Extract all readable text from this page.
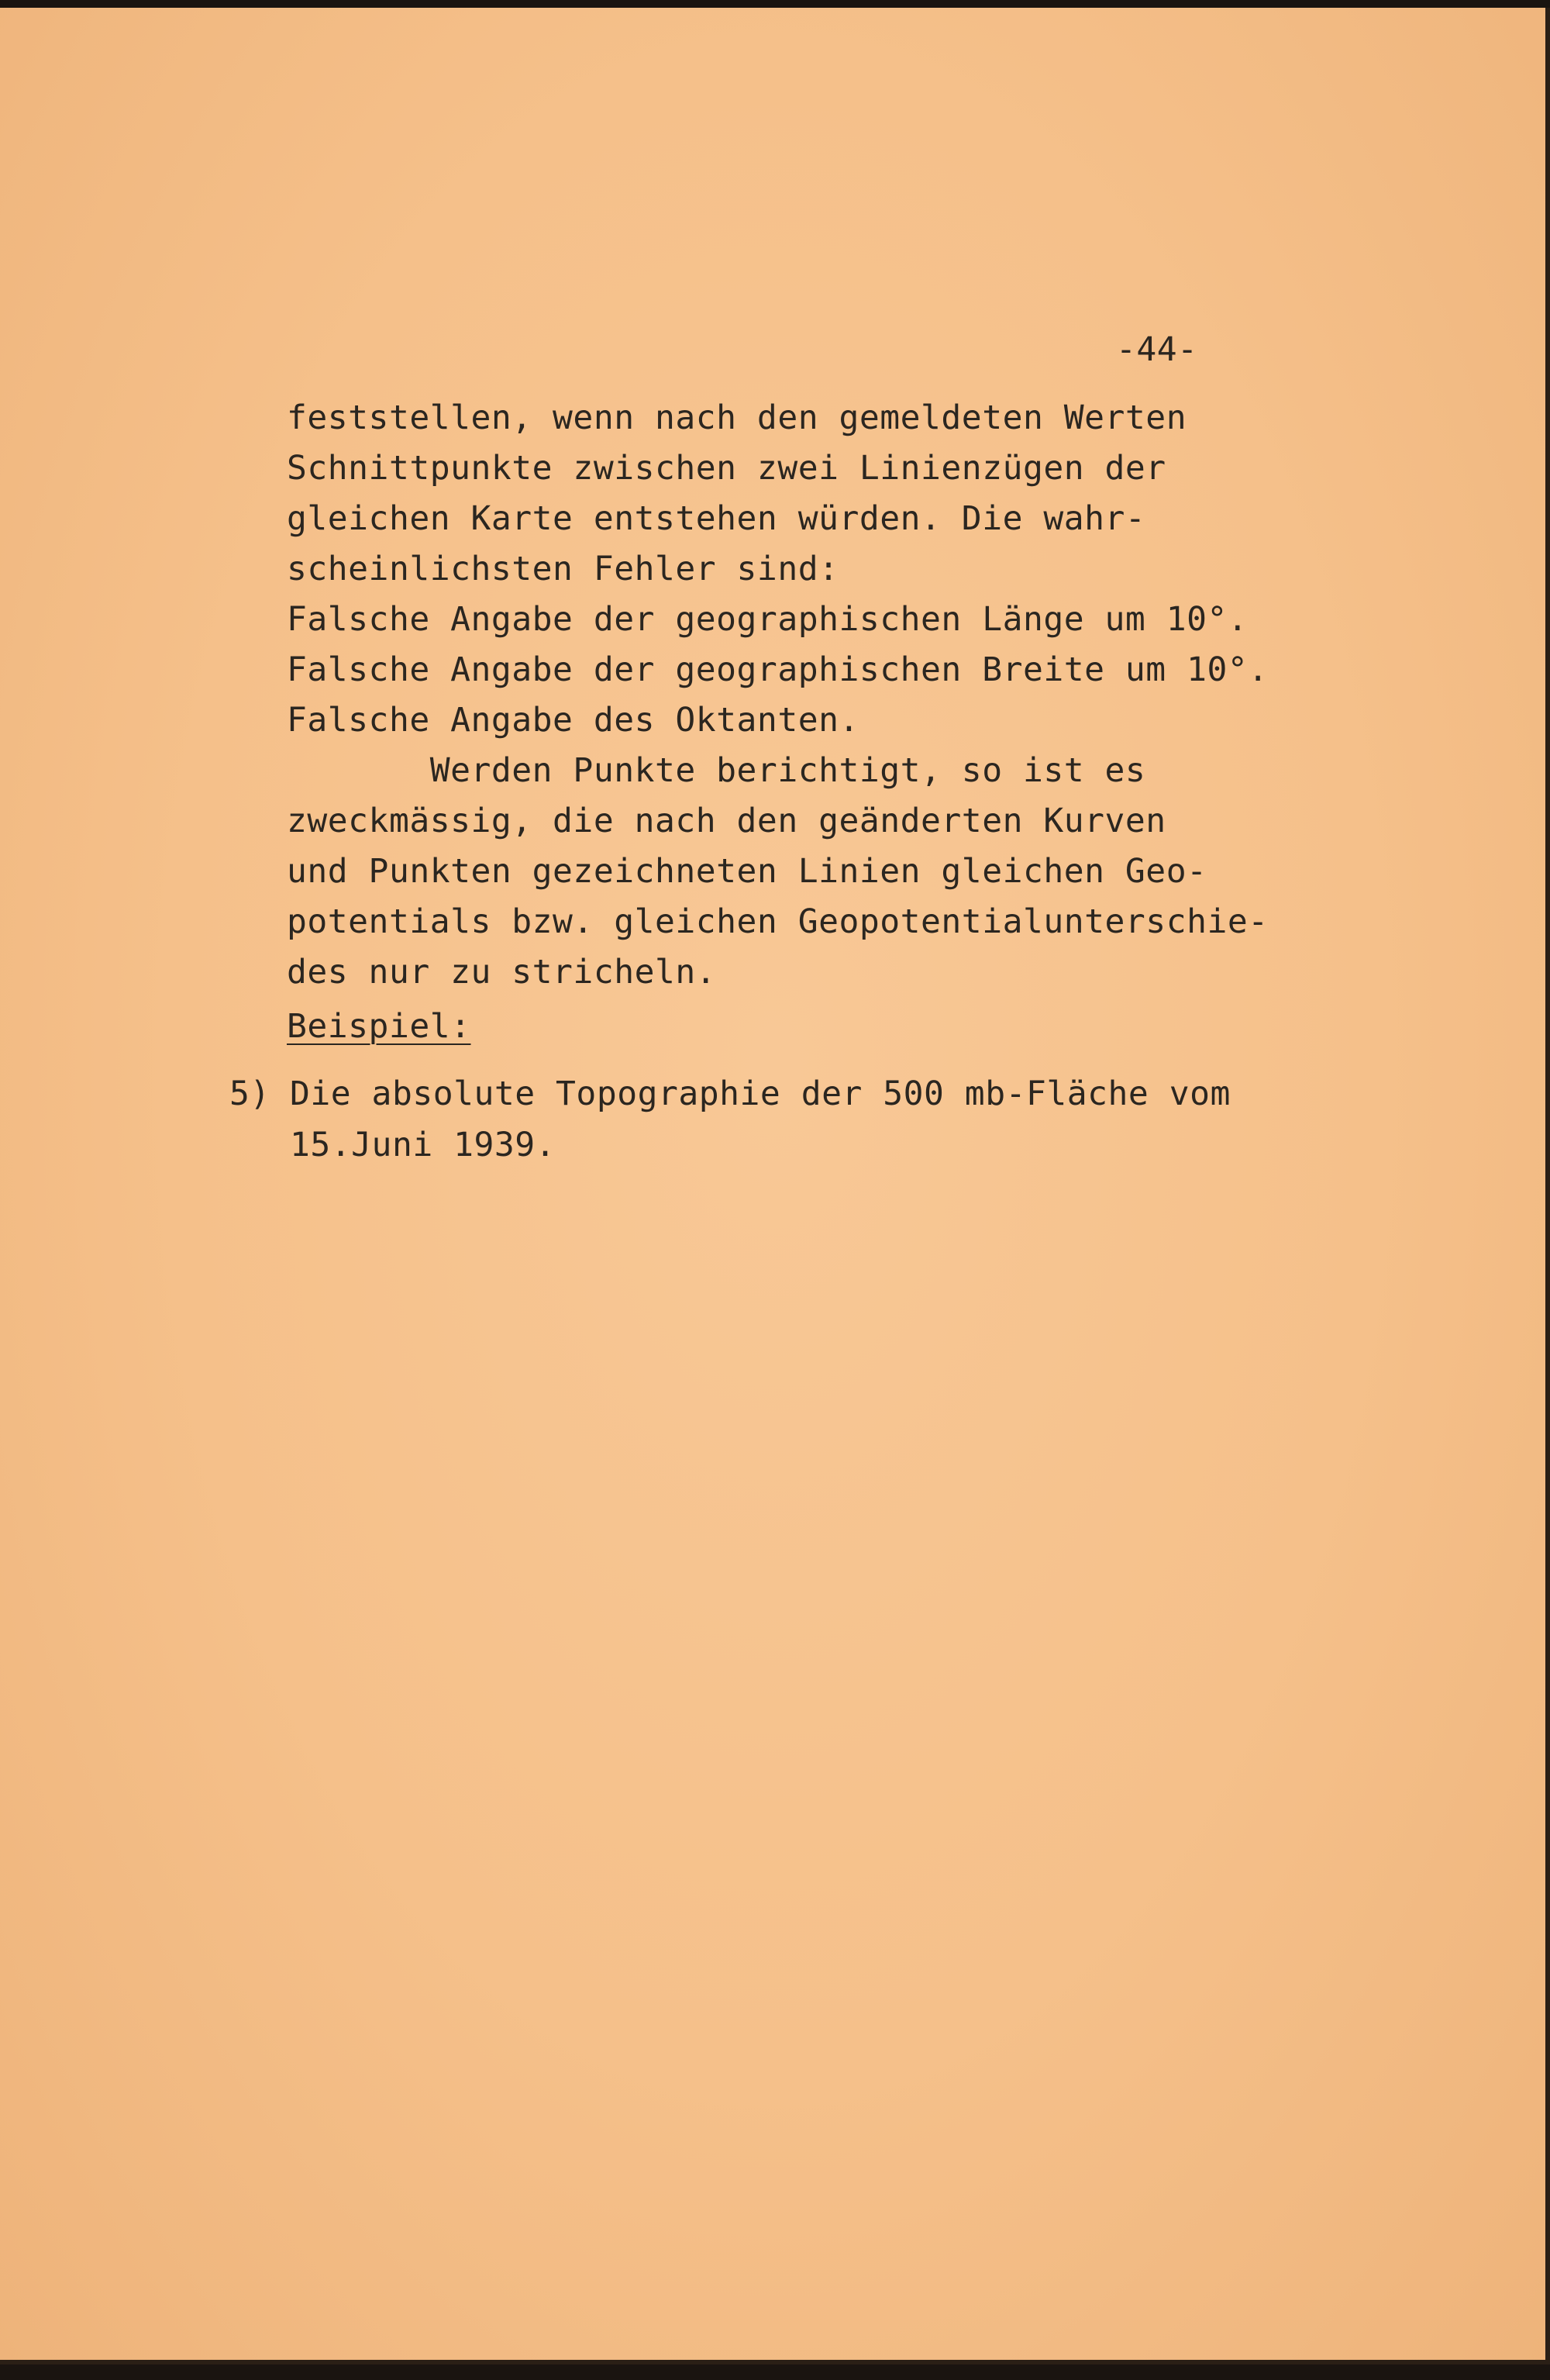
-44-
feststellen, wenn nach den gemeldeten Werten
Schnittpunkte zwischen zwei Linienzügen der
gleichen Karte entstehen würden. Die wahr-
scheinlichsten Fehler sind:
Falsche Angabe der geographischen Länge um 10°.
Falsche Angabe der geographischen Breite um 10°.
Falsche Angabe des Oktanten.
Werden Punkte berichtigt, so ist es
zweckmässig, die nach den geänderten Kurven
und Punkten gezeichneten Linien gleichen Geo-
potentials bzw. gleichen Geopotentialunterschie-
des nur zu stricheln.
Beispiel:
5) Die absolute Topographie der 500 mb-Fläche vom
15.Juni 1939.
